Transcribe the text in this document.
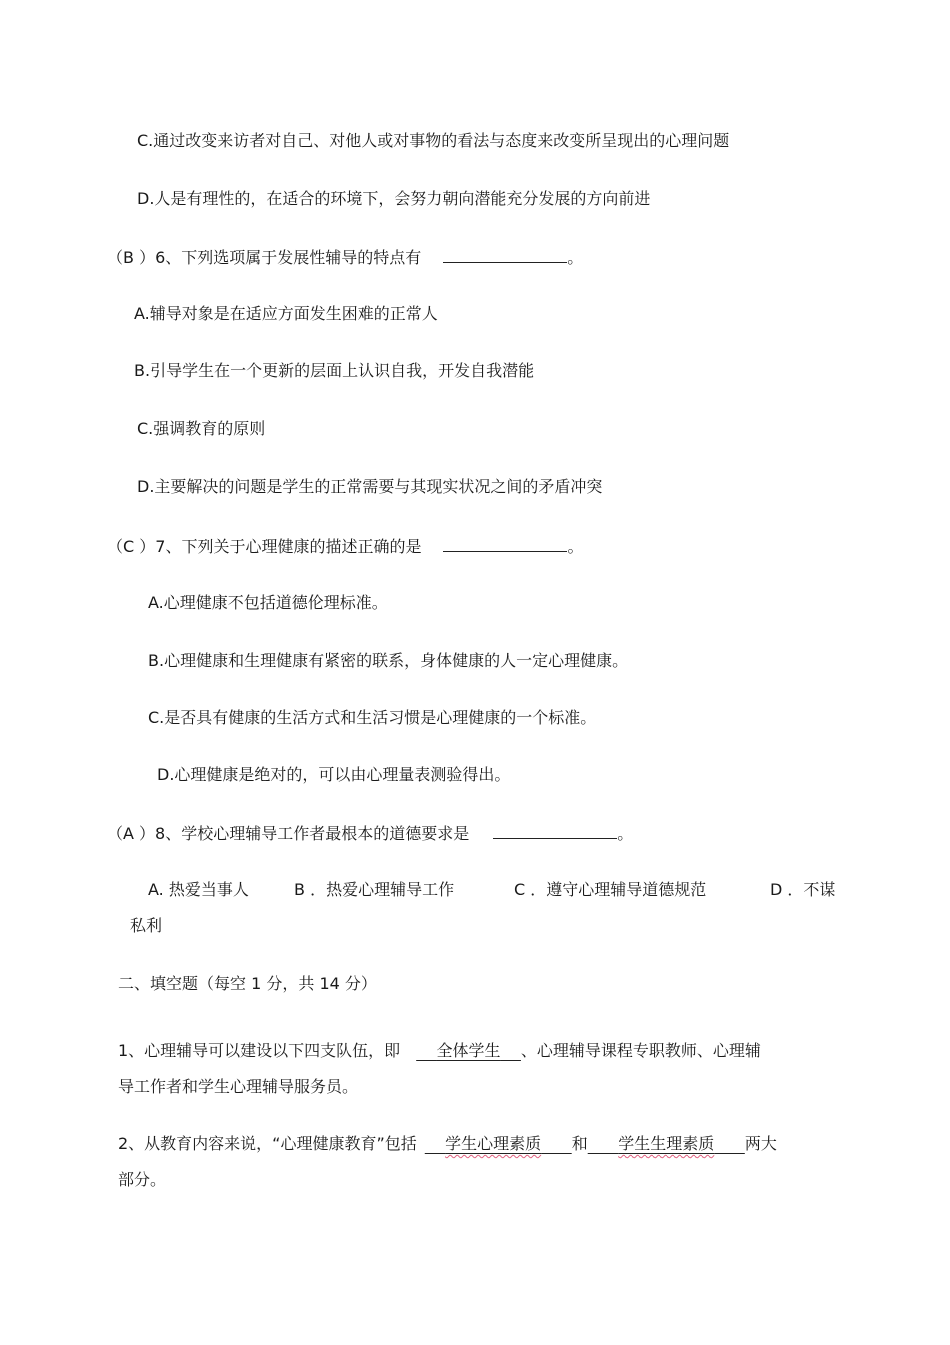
C.通过改变来访者对自己、对他人或对事物的看法与态度来改变所呈现出的心理问题
D.人是有理性的，在适合的环境下，会努力朝向潜能充分发展的方向前进
（B ）6、下列选项属于发展性辅导的特点有	。
A.辅导对象是在适应方面发生困难的正常人
B.引导学生在一个更新的层面上认识自我，开发自我潜能
C.强调教育的原则
D.主要解决的问题是学生的正常需要与其现实状况之间的矛盾冲突
（C ）7、下列关于心理健康的描述正确的是	。
A.心理健康不包括道德伦理标准。
B.心理健康和生理健康有紧密的联系，身体健康的人一定心理健康。
C.是否具有健康的生活方式和生活习惯是心理健康的一个标准。
D.心理健康是绝对的，可以由心理量表测验得出。
（A ）8、学校心理辅导工作者最根本的道德要求是	。
A. 热爱当事人	B ．热爱心理辅导工作	C ．遵守心理辅导道德规范	D ．不谋
私利
二、填空题（每空 1 分，共 14 分）
1、心理辅导可以建设以下四支队伍，即   全体学生   、心理辅导课程专职教师、心理辅
导工作者和学生心理辅导服务员。
2、从教育内容来说，“心理健康教育”包括   学生心理素质    和    学生生理素质    两大
部分。
